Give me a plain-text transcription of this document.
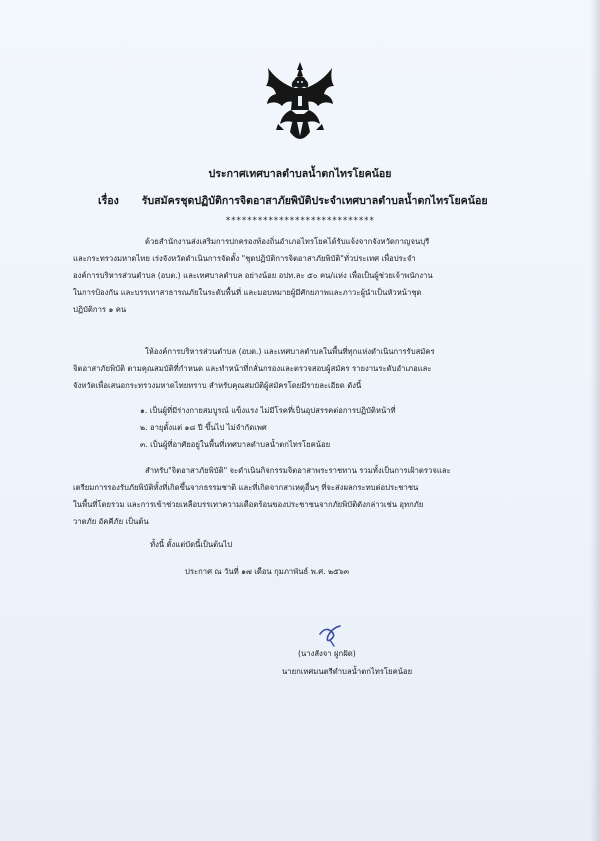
ประกาศเทศบาลตำบลน้ำตกไทรโยคน้อย
เรื่อง รับสมัครชุดปฏิบัติการจิตอาสาภัยพิบัติประจำเทศบาลตำบลน้ำตกไทรโยคน้อย
****************************
ด้วยสำนักงานส่งเสริมการปกครองท้องถิ่นอำเภอไทรโยคได้รับแจ้งจากจังหวัดกาญจนบุรี
และกระทรวงมหาดไทย เร่งจังหวัดดำเนินการจัดตั้ง "ชุดปฏิบัติการจิตอาสาภัยพิบัติ"ทั่วประเทศ เพื่อประจำ
องค์การบริหารส่วนตำบล (อบต.) และเทศบาลตำบล อย่างน้อย อปท.ละ ๕๐ คน/แห่ง เพื่อเป็นผู้ช่วยเจ้าพนักงาน
ในการป้องกัน และบรรเทาสาธารณภัยในระดับพื้นที่ และมอบหมายผู้มีศักยภาพและภาวะผู้นำเป็นหัวหน้าชุด
ปฏิบัติการ ๑ คน
ให้องค์การบริหารส่วนตำบล (อบต.) และเทศบาลตำบลในพื้นที่ทุกแห่งดำเนินการรับสมัคร
จิตอาสาภัยพิบัติ ตามคุณสมบัติที่กำหนด และทำหน้าที่กลั่นกรองและตรวจสอบผู้สมัคร รายงานระดับอำเภอและ
จังหวัดเพื่อเสนอกระทรวงมหาดไทยทราบ สำหรับคุณสมบัติผู้สมัครโดยมีรายละเอียด ดังนี้
๑. เป็นผู้ที่มีร่างกายสมบูรณ์ แข็งแรง ไม่มีโรคที่เป็นอุปสรรคต่อการปฏิบัติหน้าที่
๒. อายุตั้งแต่ ๑๘ ปี ขึ้นไป ไม่จำกัดเพศ
๓. เป็นผู้ที่อาศัยอยู่ในพื้นที่เทศบาลตำบลน้ำตกไทรโยคน้อย
สำหรับ"จิตอาสาภัยพิบัติ" จะดำเนินกิจกรรมจิตอาสาพระราชทาน รวมทั้งเป็นการเฝ้าตรวจและ
เตรียมการรองรับภัยพิบัติทั้งที่เกิดขึ้นจากธรรมชาติ และที่เกิดจากสาเหตุอื่นๆ ที่จะส่งผลกระทบต่อประชาชน
ในพื้นที่โดยรวม และการเข้าช่วยเหลือบรรเทาความเดือดร้อนของประชาชนจากภัยพิบัติดังกล่าวเช่น อุทกภัย
วาตภัย อัคคีภัย เป็นต้น
ทั้งนี้ ตั้งแต่บัดนี้เป็นต้นไป
ประกาศ ณ วันที่ ๑๗ เดือน กุมภาพันธ์ พ.ศ. ๒๕๖๓
(นางสังจา ฝูกฝัด)
นายกเทศมนตรีตำบลน้ำตกไทรโยคน้อย
